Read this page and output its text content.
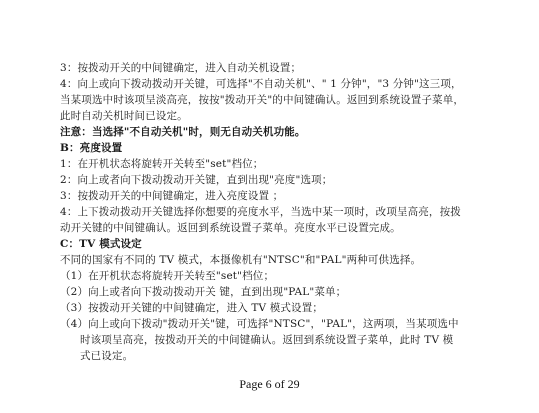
3：按拨动开关的中间键确定，进入自动关机设置；
4：向上或向下拨动拨动开关键，可选择"不自动关机"、" 1 分钟"，"3 分钟"这三项，
当某项选中时该项呈淡高亮，按按"拨动开关"的中间键确认。返回到系统设置子菜单，
此时自动关机时间已设定。
注意：当选择"不自动关机"时，则无自动关机功能。
B：亮度设置
1：在开机状态将旋转开关转至"set"档位；
2：向上或者向下拨动拨动开关键，直到出现"亮度"选项；
3：按拨动开关的中间键确定，进入亮度设置 ；
4：上下拨动拨动开关键选择你想要的亮度水平，当选中某一项时，改项呈高亮，按拨
动开关键的中间键确认。返回到系统设置子菜单。亮度水平已设置完成。
C：TV 模式设定
不同的国家有不同的 TV 模式，本摄像机有"NTSC"和"PAL"两种可供选择。
（1）在开机状态将旋转开关转至"set"档位；
（2）向上或者向下拨动拨动开关 键，直到出现"PAL"菜单；
（3）按拨动开关键的中间键确定，进入 TV 模式设置；
（4）向上或向下拨动"拨动开关"键，可选择"NTSC"，"PAL"，这两项，当某项选中
时该项呈高亮，按拨动开关的中间键确认。返回到系统设置子菜单，此时 TV 模
式已设定。
Page 6 of 29
